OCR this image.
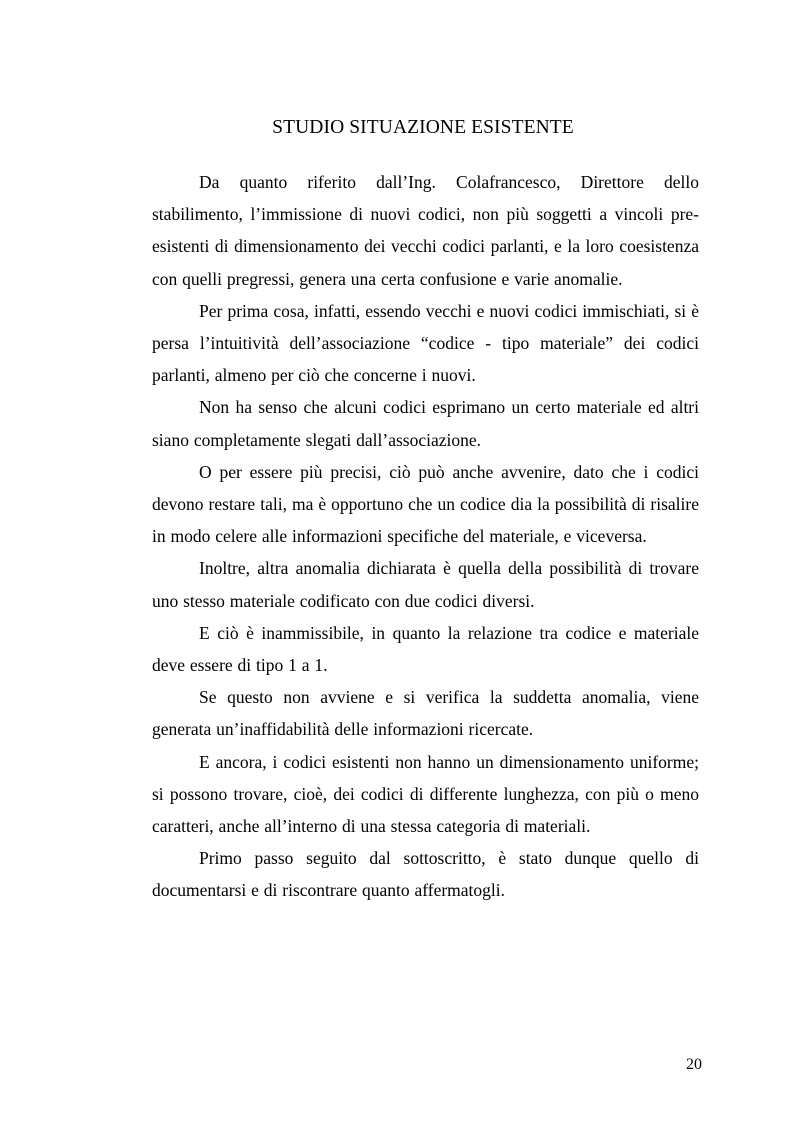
STUDIO SITUAZIONE ESISTENTE

Da quanto riferito dall’Ing. Colafrancesco, Direttore dello stabilimento, l’immissione di nuovi codici, non più soggetti a vincoli pre-esistenti di dimensionamento dei vecchi codici parlanti, e la loro coesistenza con quelli pregressi, genera una certa confusione e varie anomalie.

Per prima cosa, infatti, essendo vecchi e nuovi codici immischiati, si è persa l’intuitività dell’associazione “codice - tipo materiale” dei codici parlanti, almeno per ciò che concerne i nuovi.

Non ha senso che alcuni codici esprimano un certo materiale ed altri siano completamente slegati dall’associazione.

O per essere più precisi, ciò può anche avvenire, dato che i codici devono restare tali, ma è opportuno che un codice dia la possibilità di risalire in modo celere alle informazioni specifiche del materiale, e viceversa.

Inoltre, altra anomalia dichiarata è quella della possibilità di trovare uno stesso materiale codificato con due codici diversi.

E ciò è inammissibile, in quanto la relazione tra codice e materiale deve essere di tipo 1 a 1.

Se questo non avviene e si verifica la suddetta anomalia, viene generata un’inaffidabilità delle informazioni ricercate.

E ancora, i codici esistenti non hanno un dimensionamento uniforme; si possono trovare, cioè, dei codici di differente lunghezza, con più o meno caratteri, anche all’interno di una stessa categoria di materiali.

Primo passo seguito dal sottoscritto, è stato dunque quello di documentarsi e di riscontrare quanto affermatogli.

20
